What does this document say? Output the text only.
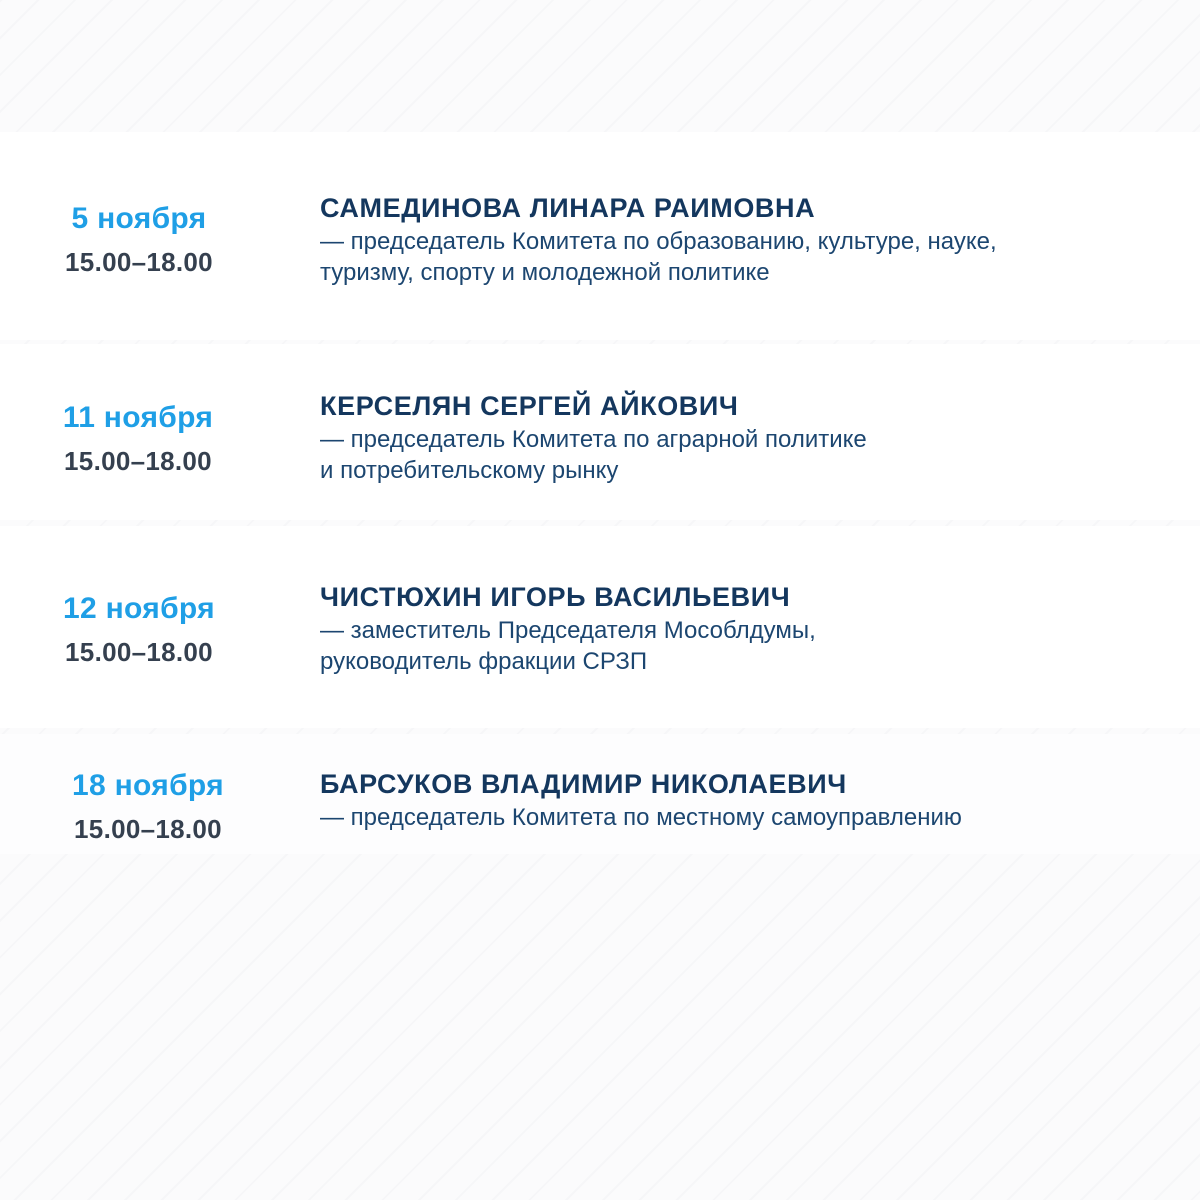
5 ноября
15.00–18.00
САМЕДИНОВА ЛИНАРА РАИМОВНА
— председатель Комитета по образованию, культуре, науке,
туризму, спорту и молодежной политике
11 ноября
15.00–18.00
КЕРСЕЛЯН СЕРГЕЙ АЙКОВИЧ
— председатель Комитета по аграрной политике
и потребительскому рынку
12 ноября
15.00–18.00
ЧИСТЮХИН ИГОРЬ ВАСИЛЬЕВИЧ
— заместитель Председателя Мособлдумы,
руководитель фракции СРЗП
18 ноября
15.00–18.00
БАРСУКОВ ВЛАДИМИР НИКОЛАЕВИЧ
— председатель Комитета по местному самоуправлению
